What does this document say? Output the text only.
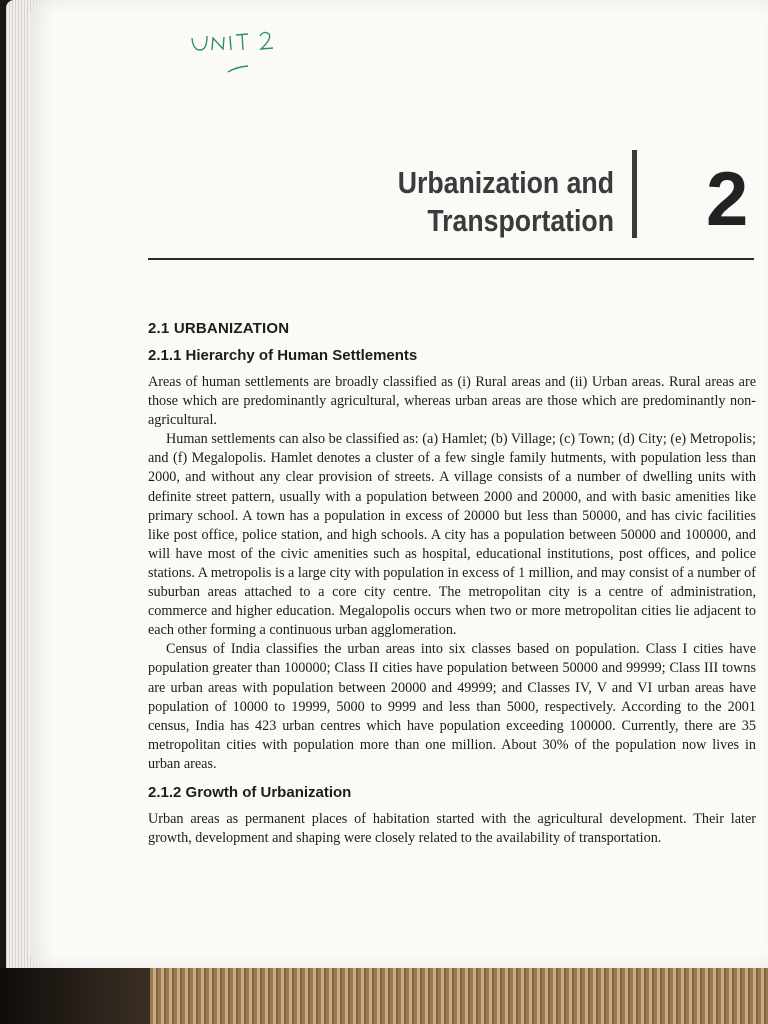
Urbanization and
Transportation 2
2.1 URBANIZATION
2.1.1 Hierarchy of Human Settlements

Areas of human settlements are broadly classified as (i) Rural areas and (ii) Urban areas. Rural areas are those which are predominantly agricultural, whereas urban areas are those which are predominantly non-agricultural.

Human settlements can also be classified as: (a) Hamlet; (b) Village; (c) Town; (d) City; (e) Metropolis; and (f) Megalopolis. Hamlet denotes a cluster of a few single family hutments, with population less than 2000, and without any clear provision of streets. A village consists of a number of dwelling units with definite street pattern, usually with a population between 2000 and 20000, and with basic amenities like primary school. A town has a population in excess of 20000 but less than 50000, and has civic facilities like post office, police station, and high schools. A city has a population between 50000 and 100000, and will have most of the civic amenities such as hospital, educational institutions, post offices, and police stations. A metropolis is a large city with population in excess of 1 million, and may consist of a number of suburban areas attached to a core city centre. The metropolitan city is a centre of administration, commerce and higher education. Megalopolis occurs when two or more metropolitan cities lie adjacent to each other forming a continuous urban agglomeration.

Census of India classifies the urban areas into six classes based on population. Class I cities have population greater than 100000; Class II cities have population between 50000 and 99999; Class III towns are urban areas with population between 20000 and 49999; and Classes IV, V and VI urban areas have population of 10000 to 19999, 5000 to 9999 and less than 5000, respectively. According to the 2001 census, India has 423 urban centres which have population exceeding 100000. Currently, there are 35 metropolitan cities with population more than one million. About 30% of the population now lives in urban areas.

2.1.2 Growth of Urbanization

Urban areas as permanent places of habitation started with the agricultural development. Their later growth, development and shaping were closely related to the availability of transportation.
